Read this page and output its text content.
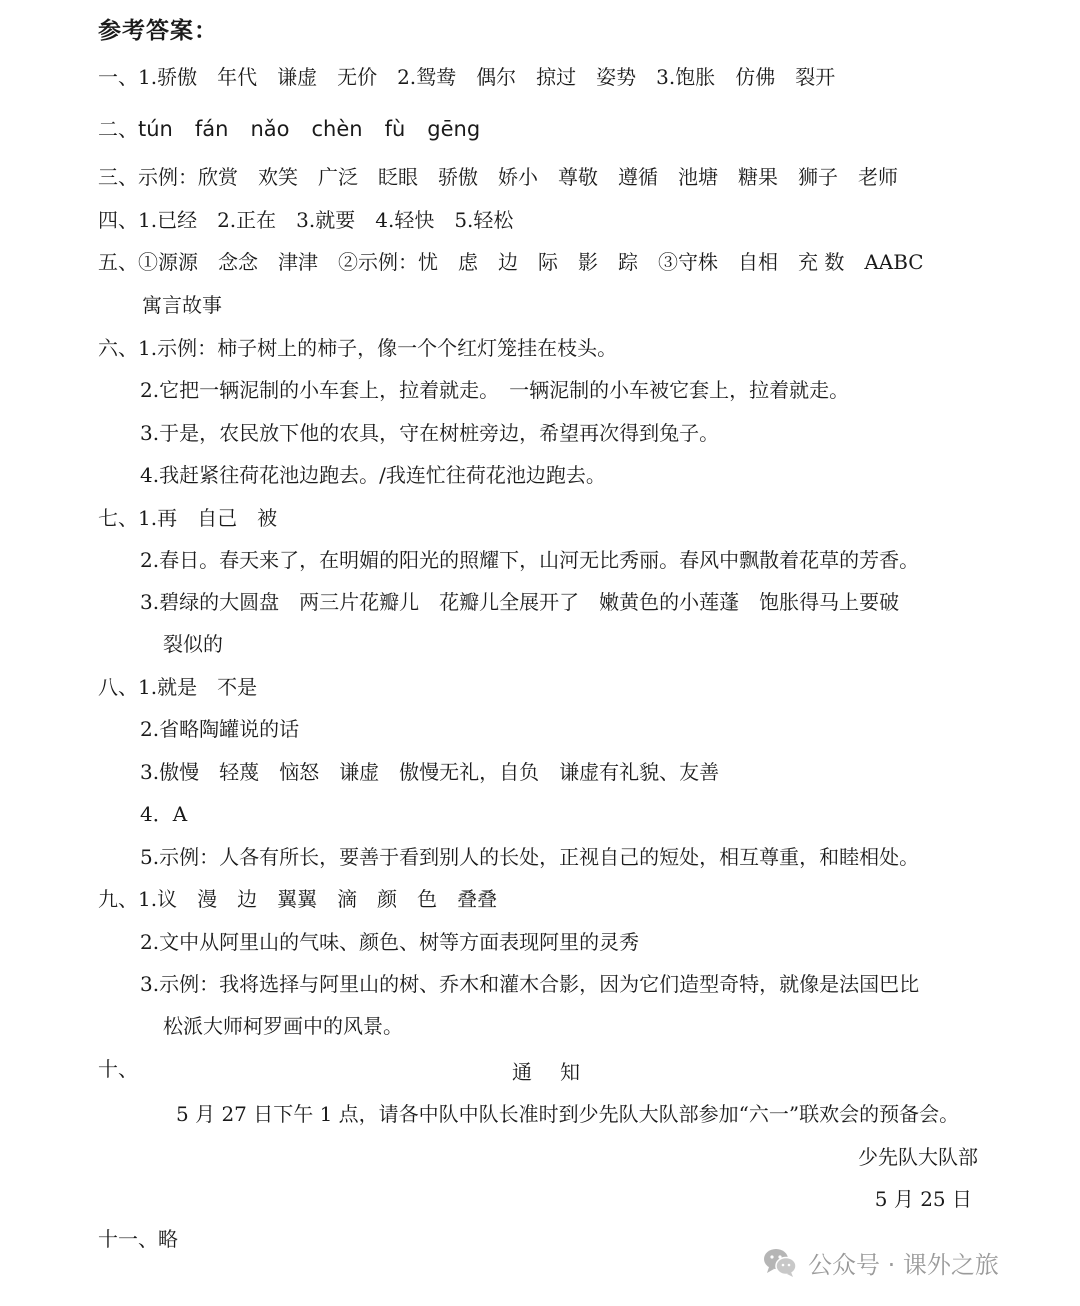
参考答案：
一、1.骄傲　年代　谦虚　无价　2.鸳鸯　偶尔　掠过　姿势　3.饱胀　仿佛　裂开
二、tún fán nǎo chèn fù gēng
三、示例：欣赏　欢笑　广泛　眨眼　骄傲　娇小　尊敬　遵循　池塘　糖果　狮子　老师
四、1.已经　2.正在　3.就要　4.轻快　5.轻松
五、①源源　念念　津津　②示例：忧　虑　边　际　影　踪　③守株　自相　充 数　AABC
寓言故事
六、1.示例：柿子树上的柿子，像一个个红灯笼挂在枝头。
2.它把一辆泥制的小车套上，拉着就走。　一辆泥制的小车被它套上，拉着就走。
3.于是，农民放下他的农具，守在树桩旁边，希望再次得到兔子。
4.我赶紧往荷花池边跑去。/我连忙往荷花池边跑去。
七、1.再　自己　被
2.春日。春天来了，在明媚的阳光的照耀下，山河无比秀丽。春风中飘散着花草的芳香。
3.碧绿的大圆盘　两三片花瓣儿　花瓣儿全展开了　嫩黄色的小莲蓬　饱胀得马上要破
裂似的
八、1.就是　不是
2.省略陶罐说的话
3.傲慢　轻蔑　恼怒　谦虚　傲慢无礼，自负　谦虚有礼貌、友善
4．A
5.示例：人各有所长，要善于看到别人的长处，正视自己的短处，相互尊重，和睦相处。
九、1.议　漫　边　翼翼　滴　颜　色　叠叠
2.文中从阿里山的气味、颜色、树等方面表现阿里的灵秀
3.示例：我将选择与阿里山的树、乔木和灌木合影，因为它们造型奇特，就像是法国巴比
松派大师柯罗画中的风景。
十、	通知
5 月 27 日下午 1 点，请各中队中队长准时到少先队大队部参加“六一”联欢会的预备会。
少先队大队部
5 月 25 日
十一、略
公众号 · 课外之旅
